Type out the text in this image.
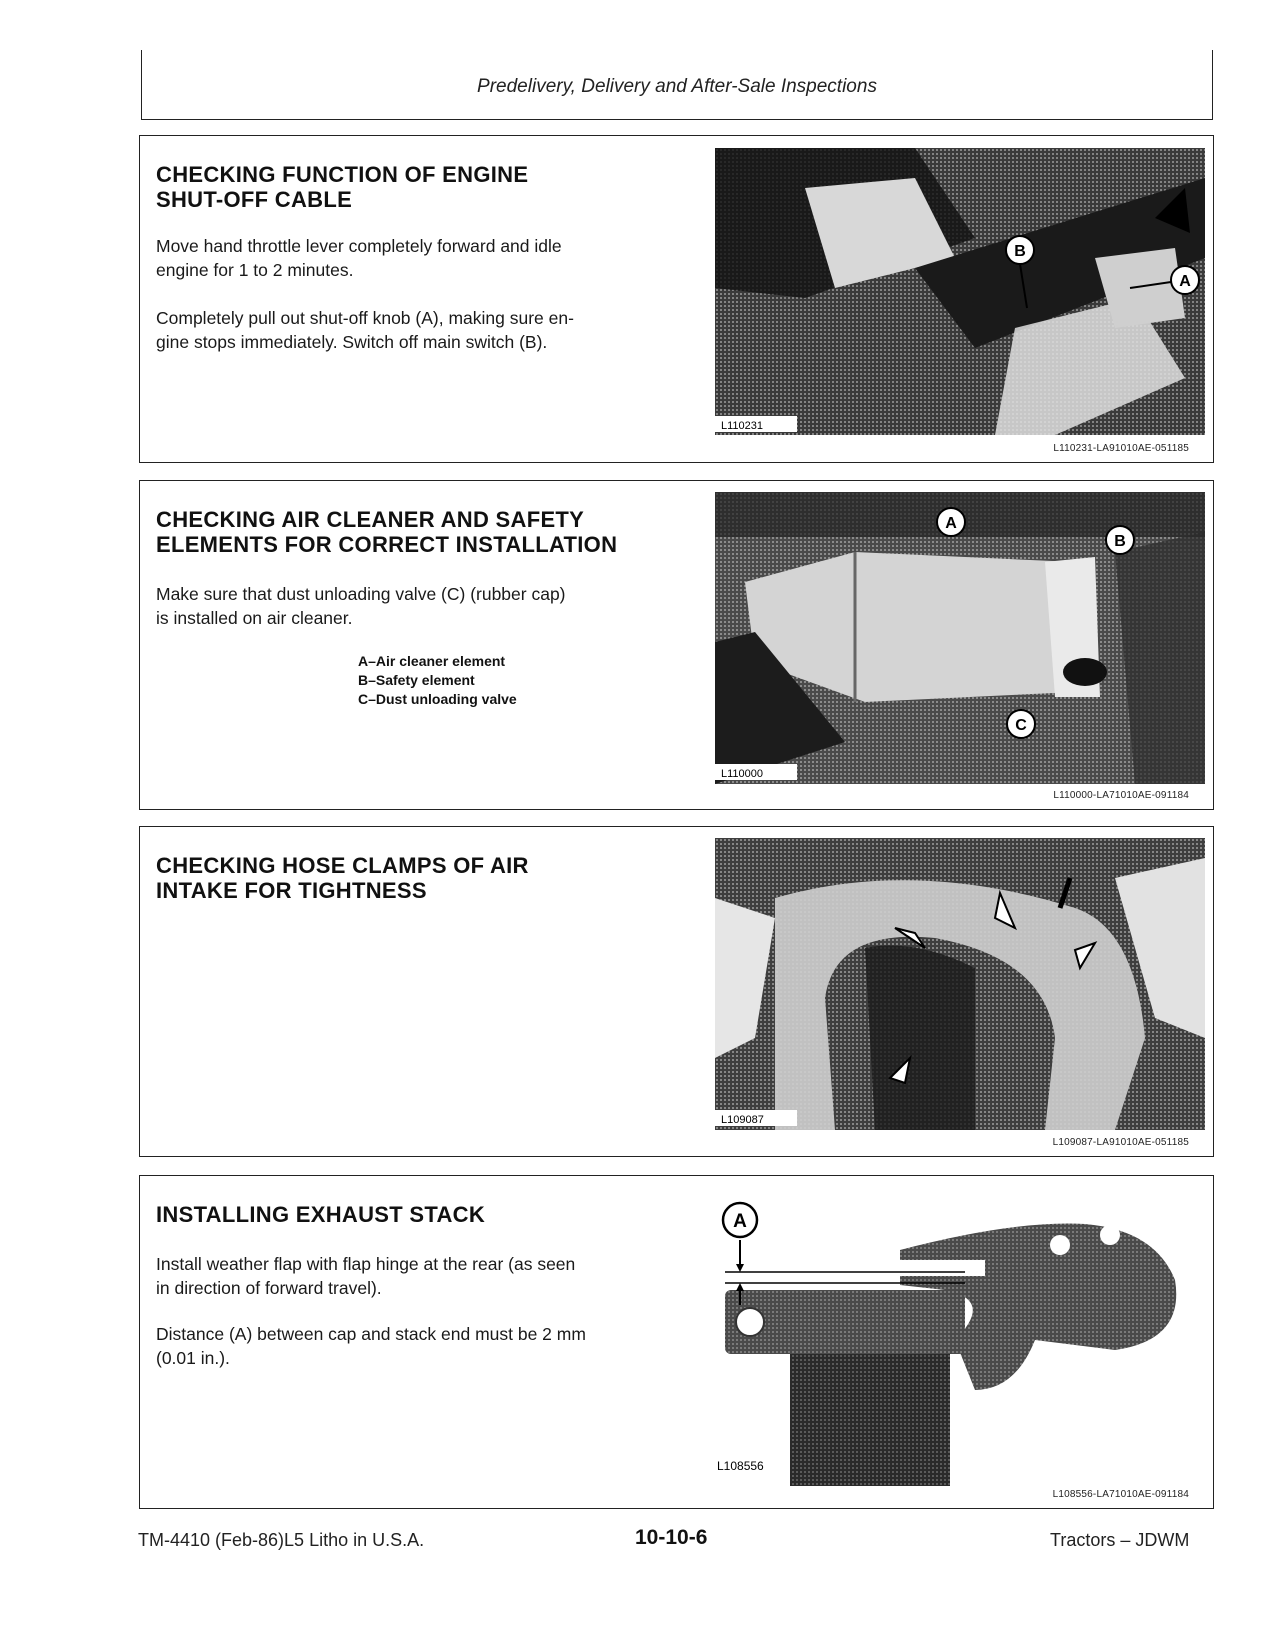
Predelivery, Delivery and After-Sale Inspections
CHECKING FUNCTION OF ENGINE
SHUT-OFF CABLE
Move hand throttle lever completely forward and idle
engine for 1 to 2 minutes.
Completely pull out shut-off knob (A), making sure en-
gine stops immediately. Switch off main switch (B).
B
A
L110231
L110231-LA91010AE-051185
CHECKING AIR CLEANER AND SAFETY
ELEMENTS FOR CORRECT INSTALLATION
Make sure that dust unloading valve (C) (rubber cap)
is installed on air cleaner.
A–Air cleaner element
B–Safety element
C–Dust unloading valve
A
B
C
L110000
L110000-LA71010AE-091184
CHECKING HOSE CLAMPS OF AIR
INTAKE FOR TIGHTNESS
L109087
L109087-LA91010AE-051185
INSTALLING EXHAUST STACK
Install weather flap with flap hinge at the rear (as seen
in direction of forward travel).
Distance (A) between cap and stack end must be 2 mm
(0.01 in.).
A
L108556
L108556-LA71010AE-091184
TM-4410 (Feb-86)L5 Litho in U.S.A.	10-10-6	Tractors – JDWM
